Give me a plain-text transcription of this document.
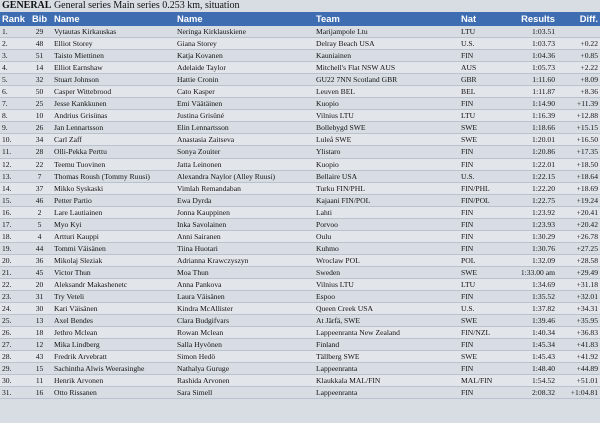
GENERAL General series Main series 0.253 km, situation
Rank	Bib	Name	Name	Team	Nat	Results	Diff.
1.	29	Vytautas Kirkauskas	Neringa Kirklauskiene	Marijampole Ltu	LTU	1:03.51	
2.	48	Elliot Storey	Giana Storey	Delray Beach USA	U.S.	1:03.73	+0.22
3.	51	Taisto Miettinen	Katja Kovanen	Kauniainen	FIN	1:04.36	+0.85
4.	14	Elliot Earnshaw	Adelaide Taylor	Mitchell's Flat NSW AUS	AUS	1:05.73	+2.22
5.	32	Stuart Johnson	Hattie Cronin	GU22 7NN Scotland GBR	GBR	1:11.60	+8.09
6.	50	Casper Wittebrood	Cato Kasper	Leuven BEL	BEL	1:11.87	+8.36
7.	25	Jesse Kankkunen	Emi Väätäinen	Kuopio	FIN	1:14.90	+11.39
8.	10	Andrius Grisünas	Justina Grisüné	Vilnius LTU	LTU	1:16.39	+12.88
9.	26	Jan Lennartsson	Elin Lennartsson	Bollebygd SWE	SWE	1:18.66	+15.15
10.	34	Carl Zaff	Anastasia Zaitseva	Luleå SWE	SWE	1:20.01	+16.50
11.	28	Olli-Pekka Perttu	Sonya Zouiter	Ylistaro	FIN	1:20.86	+17.35
12.	22	Teemu Tuovinen	Jatta Leinonen	Kuopio	FIN	1:22.01	+18.50
13.	7	Thomas Roush (Tommy Ruusi)	Alexandra Naylor (Alley Ruusi)	Bellaire USA	U.S.	1:22.15	+18.64
14.	37	Mikko Syskaski	Vimlah Remandaban	Turku FIN/PHL	FIN/PHL	1:22.20	+18.69
15.	46	Petter Partio	Ewa Dyrda	Kajaani FIN/POL	FIN/POL	1:22.75	+19.24
16.	2	Lare Lautiainen	Jonna Kauppinen	Lahti	FIN	1:23.92	+20.41
17.	5	Myo Kyi	Inka Savolainen	Porvoo	FIN	1:23.93	+20.42
18.	4	Artturi Kauppi	Anni Sairanen	Oulu	FIN	1:30.29	+26.78
19.	44	Tommi Väisänen	Tiina Huotari	Kuhmo	FIN	1:30.76	+27.25
20.	36	Mikolaj Sleziak	Adrianna Krawczyszyn	Wroclaw POL	POL	1:32.09	+28.58
21.	45	Victor Thun	Moa Thun	Sweden	SWE	1:33.00 am	+29.49
22.	20	Aleksandr Makashenetc	Anna Pankova	Vilnius LTU	LTU	1:34.69	+31.18
23.	31	Try Veteli	Laura Väisänen	Espoo	FIN	1:35.52	+32.01
24.	30	Kari Väisänen	Kindra McAllister	Queen Creek USA	U.S.	1:37.82	+34.31
25.	13	Axel Bendes	Clara Budgifvars	At Järfä, SWE	SWE	1:39.46	+35.95
26.	18	Jethro Mclean	Rowan Mclean	Lappeenranta New Zealand	FIN/NZL	1:40.34	+36.83
27.	12	Mika Lindberg	Salla Hyvönen	Finland	FIN	1:45.34	+41.83
28.	43	Fredrik Arvebratt	Simon Hedö	Tällberg SWE	SWE	1:45.43	+41.92
29.	15	Sachintha Alwis Weerasinghe	Nathalya Guruge	Lappeenranta	FIN	1:48.40	+44.89
30.	11	Henrik Arvonen	Rashida Arvonen	Klaukkala MAL/FIN	MAL/FIN	1:54.52	+51.01
31.	16	Otto Rissanen	Sara Simell	Lappeenranta	FIN	2:08.32	+1:04.81
